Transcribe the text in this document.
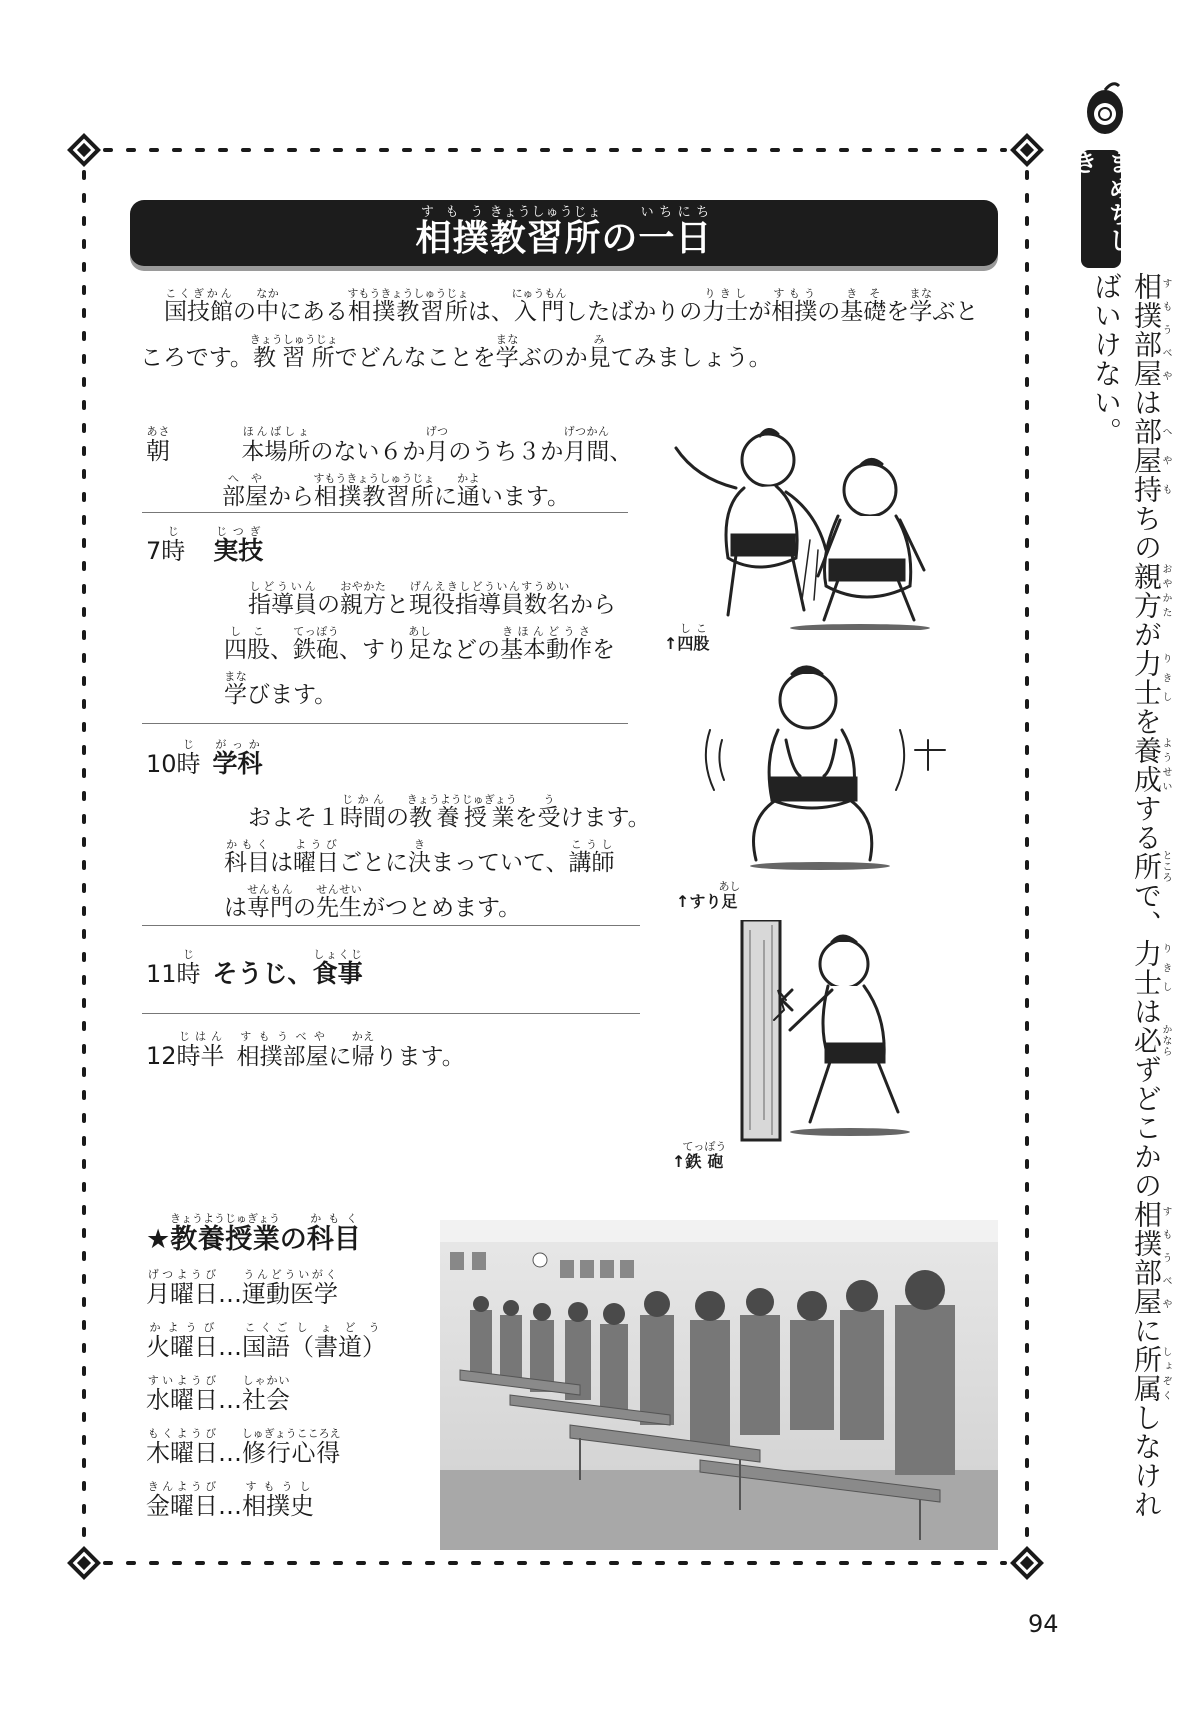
相撲すもう教習所きょうしゅうじょの一日いちにち
国技館こくぎかんの中なかにある相撲教習所すもうきょうしゅうじょは、入門にゅうもんしたばかりの力士りきしが相撲すもうの基礎きそを学まなぶと
ころです。教習所きょうしゅうじょでどんなことを学まなぶのか見みてみましょう。
朝あさ 本場所ほんばしょのない６か月げつのうち３か月間げつかん、
部屋へやから相撲教習所すもうきょうしゅうじょに通かよいます。
7時じ実技じつぎ
指導員しどういんの親方おやかたと現役指導員数名げんえきしどういんすうめいから
四股しこ、鉄砲てっぽう、すり足あしなどの基本動作きほんどうさを
学まなびます。
10時じ学科がっか
およそ１時間じかんの教養授業きょうようじゅぎょうを受うけます。
科目かもくは曜日ようびごとに決きまっていて、講師こうし
は専門せんもんの先生せんせいがつとめます。
11時じそうじ、食事しょくじ
12時半じはん相撲部屋すもうべやに帰かえります。
↑四股しこ
↑すり足あし
↑鉄砲てっぽう
★教養授業きょうようじゅぎょうの科目かもく
月曜日げつようび…運動医学うんどういがく
火曜日かようび…国語こくご（書道）しょどう
水曜日すいようび…社会しゃかい
木曜日もくようび…修行心得しゅぎょうこころえ
金曜日きんようび…相撲史すもうし
まめちしき
相撲部屋すもうべやは部屋持へやもちの親方おやかたが力士りきしを養成ようせいする所ところで、力士りきしは必かならずどこかの相撲部屋すもうべやに所属しょぞくしなければいけない。
94
